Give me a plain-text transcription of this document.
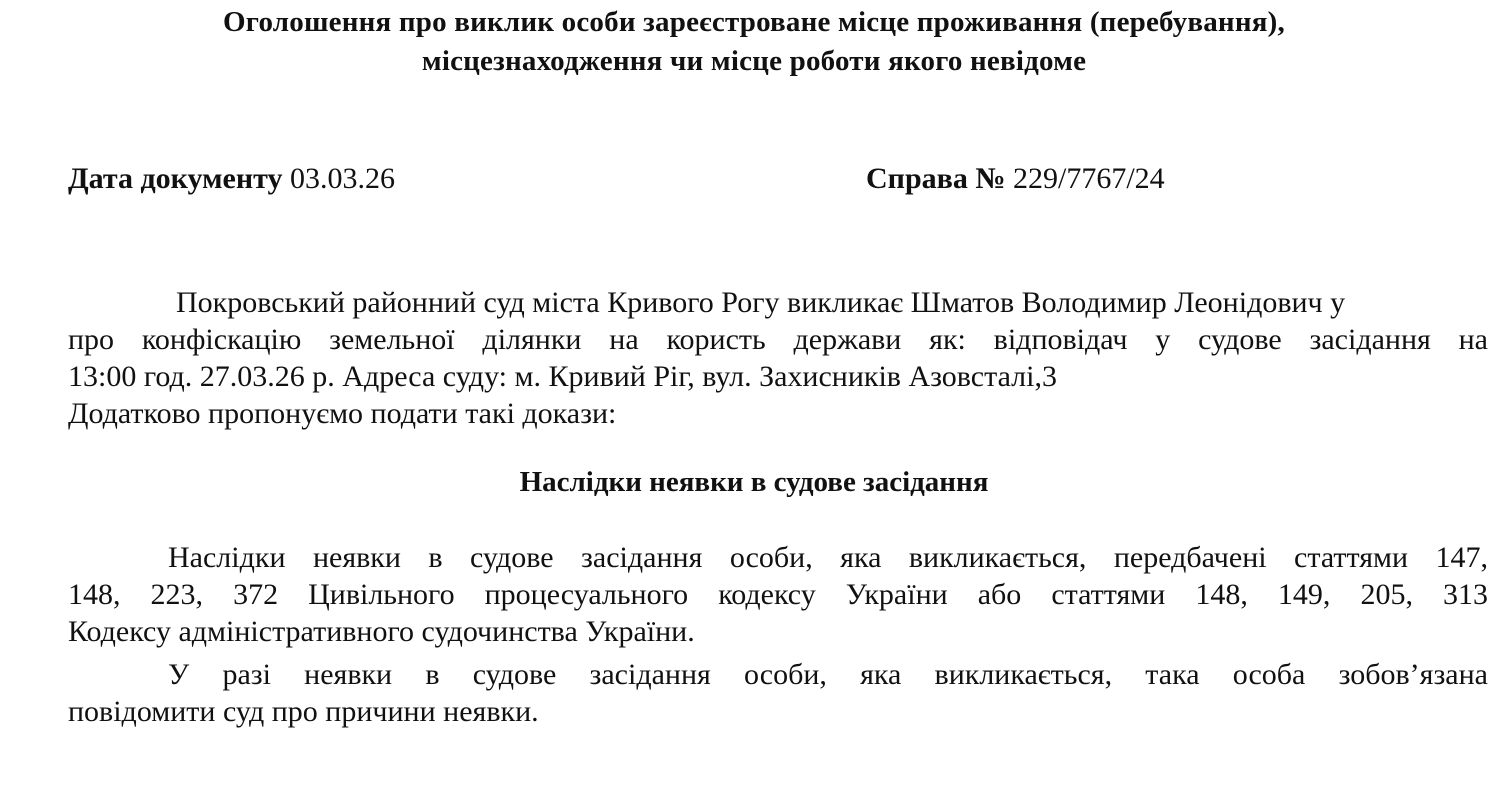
Оголошення про виклик особи зареєстроване місце проживання (перебування),
місцезнаходження чи місце роботи якого невідоме
Дата документу 03.03.26	Справа № 229/7767/24
Покровський районний суд міста Кривого Рогу викликає Шматов Володимир Леонідович у
про конфіскацію земельної ділянки на користь держави як: відповідач у судове засідання на
13:00 год. 27.03.26 р. Адреса суду: м. Кривий Ріг, вул. Захисників Азовсталі,3
Додатково пропонуємо подати такі докази:
Наслідки неявки в судове засідання
Наслідки неявки в судове засідання особи, яка викликається, передбачені статтями 147,
148, 223, 372 Цивільного процесуального кодексу України або статтями 148, 149, 205, 313
Кодексу адміністративного судочинства України.
У разі неявки в судове засідання особи, яка викликається, така особа зобов’язана
повідомити суд про причини неявки.
